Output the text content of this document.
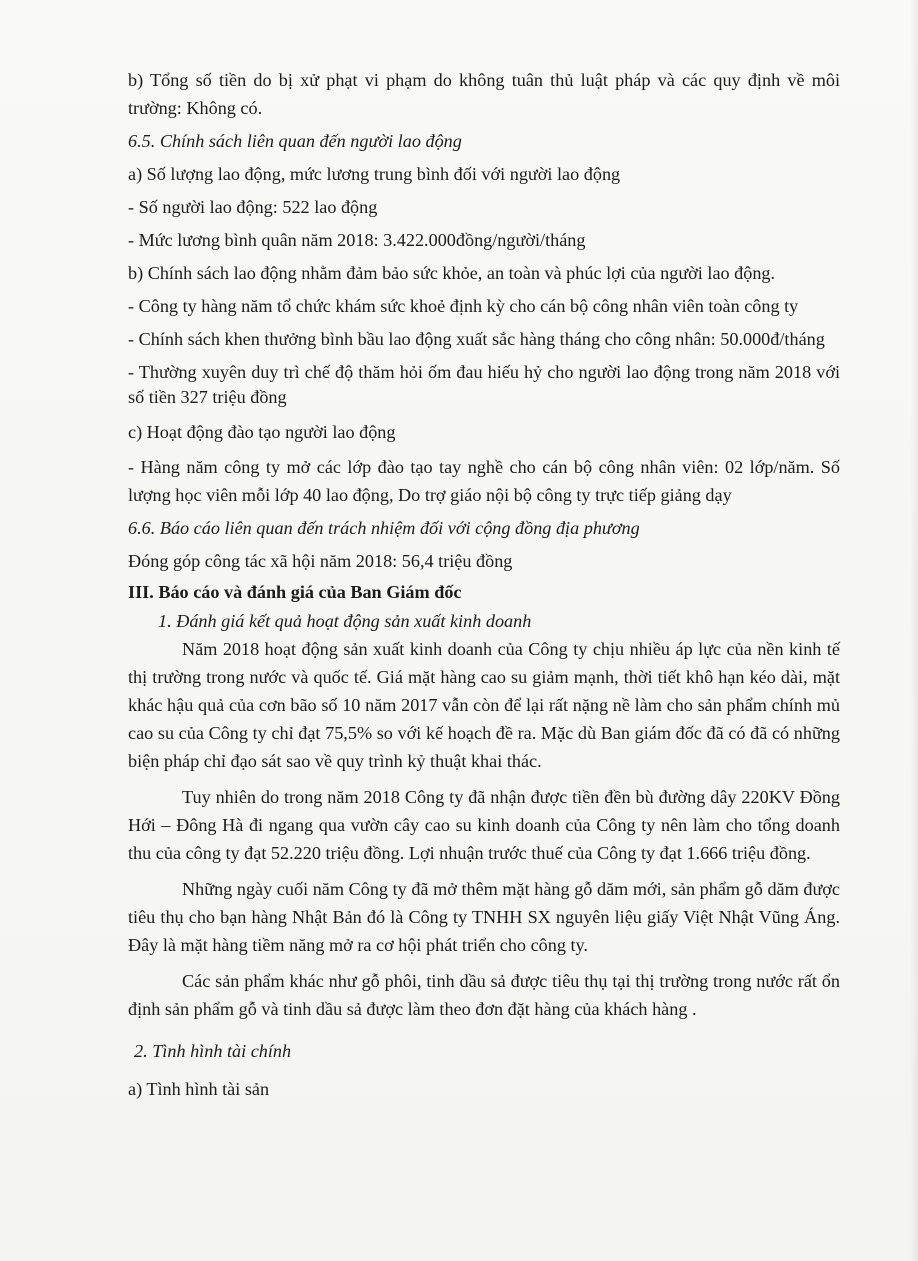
b) Tổng số tiền do bị xử phạt vi phạm do không tuân thủ luật pháp và các quy định về môi trường: Không có.

6.5. Chính sách liên quan đến người lao động

a) Số lượng lao động, mức lương trung bình đối với người lao động

- Số người lao động: 522 lao động

- Mức lương bình quân năm 2018: 3.422.000đồng/người/tháng

b) Chính sách lao động nhằm đảm bảo sức khỏe, an toàn và phúc lợi của người lao động.

- Công ty hàng năm tổ chức khám sức khoẻ định kỳ cho cán bộ công nhân viên toàn công ty

- Chính sách khen thưởng bình bầu lao động xuất sắc hàng tháng cho công nhân: 50.000đ/tháng

- Thường xuyên duy trì chế độ thăm hỏi ốm đau hiếu hỷ cho người lao động trong năm 2018 với số tiền 327 triệu đồng

c) Hoạt động đào tạo người lao động

- Hàng năm công ty mở các lớp đào tạo tay nghề cho cán bộ công nhân viên: 02 lớp/năm. Số lượng học viên mỗi lớp 40 lao động, Do trợ giáo nội bộ công ty trực tiếp giảng dạy

6.6. Báo cáo liên quan đến trách nhiệm đối với cộng đồng địa phương

Đóng góp công tác xã hội năm 2018: 56,4 triệu đồng

III. Báo cáo và đánh giá của Ban Giám đốc

1. Đánh giá kết quả hoạt động sản xuất kinh doanh

Năm 2018 hoạt động sản xuất kinh doanh của Công ty chịu nhiều áp lực của nền kinh tế thị trường trong nước và quốc tế. Giá mặt hàng cao su giảm mạnh, thời tiết khô hạn kéo dài, mặt khác hậu quả của cơn bão số 10 năm 2017 vẫn còn để lại rất nặng nề làm cho sản phẩm chính mủ cao su của Công ty chỉ đạt 75,5% so với kế hoạch đề ra. Mặc dù Ban giám đốc đã có đã có những biện pháp chỉ đạo sát sao về quy trình kỷ thuật khai thác.

Tuy nhiên do trong năm 2018 Công ty đã nhận được tiền đền bù đường dây 220KV Đồng Hới – Đông Hà đi ngang qua vườn cây cao su kinh doanh của Công ty nên làm cho tổng doanh thu của công ty đạt 52.220 triệu đồng. Lợi nhuận trước thuế của Công ty đạt 1.666 triệu đồng.

Những ngày cuối năm Công ty đã mở thêm mặt hàng gỗ dăm mới, sản phẩm gỗ dăm được tiêu thụ cho bạn hàng Nhật Bản đó là Công ty TNHH SX nguyên liệu giấy Việt Nhật Vũng Áng. Đây là mặt hàng tiềm năng mở ra cơ hội phát triển cho công ty.

Các sản phẩm khác như gỗ phôi, tinh dầu sả được tiêu thụ tại thị trường trong nước rất ổn định sản phẩm gỗ và tinh dầu sả được làm theo đơn đặt hàng của khách hàng .

2. Tình hình tài chính

a) Tình hình tài sản
